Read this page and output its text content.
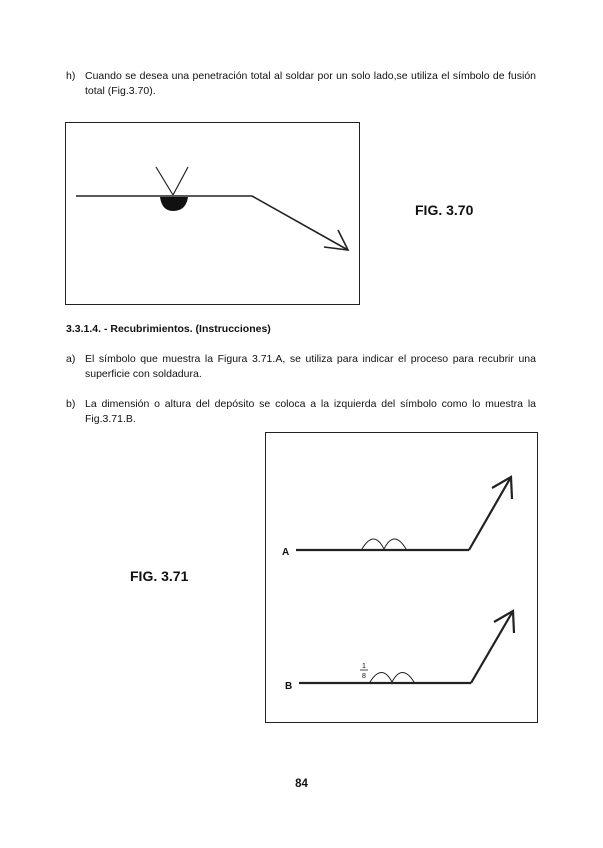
h) Cuando se desea una penetración total al soldar por un solo lado,se utiliza el símbolo de fusión total (Fig.3.70).
FIG. 3.70
3.3.1.4. - Recubrimientos. (Instrucciones)
a) El símbolo que muestra la Figura 3.71.A, se utiliza para indicar el proceso para recubrir una superficie con soldadura.
b) La dimensión o altura del depósito se coloca a la izquierda del símbolo como lo muestra la Fig.3.71.B.
FIG. 3.71
A
B
1
8
84
